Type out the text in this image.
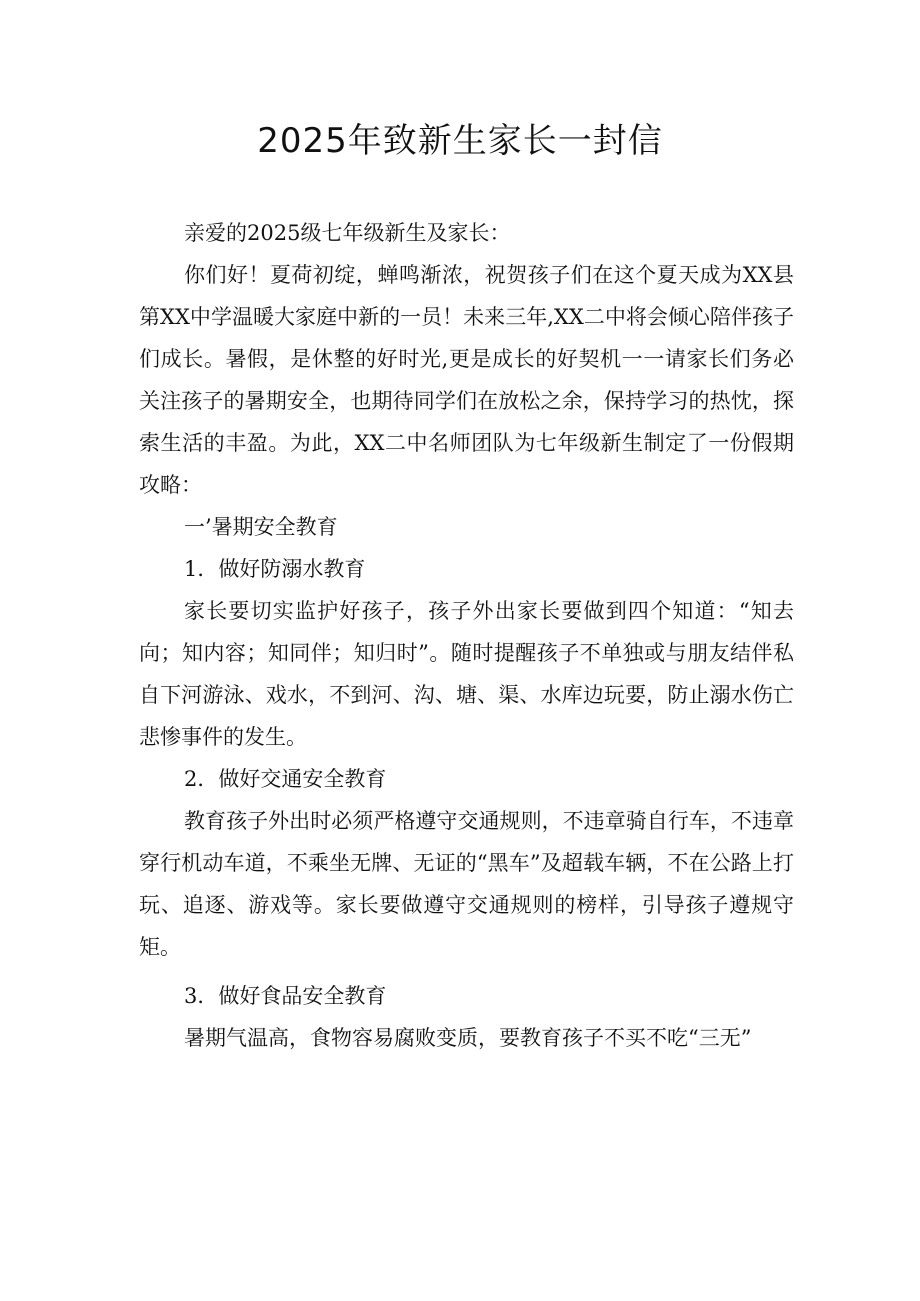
2025年致新生家长一封信

亲爱的2025级七年级新生及家长：

你们好！夏荷初绽，蝉鸣渐浓，祝贺孩子们在这个夏天成为XX县第XX中学温暖大家庭中新的一员！未来三年,XX二中将会倾心陪伴孩子们成长。暑假，是休整的好时光,更是成长的好契机一一请家长们务必关注孩子的暑期安全，也期待同学们在放松之余，保持学习的热忱，探索生活的丰盈。为此，XX二中名师团队为七年级新生制定了一份假期攻略：

一’暑期安全教育

1．做好防溺水教育

家长要切实监护好孩子，孩子外出家长要做到四个知道：“知去向；知内容；知同伴；知归时”。随时提醒孩子不单独或与朋友结伴私自下河游泳、戏水，不到河、沟、塘、渠、水库边玩要，防止溺水伤亡悲惨事件的发生。

2．做好交通安全教育

教育孩子外出时必须严格遵守交通规则，不违章骑自行车，不违章穿行机动车道，不乘坐无牌、无证的“黑车”及超载车辆，不在公路上打玩、追逐、游戏等。家长要做遵守交通规则的榜样，引导孩子遵规守矩。

3．做好食品安全教育

暑期气温高，食物容易腐败变质，要教育孩子不买不吃“三无”
